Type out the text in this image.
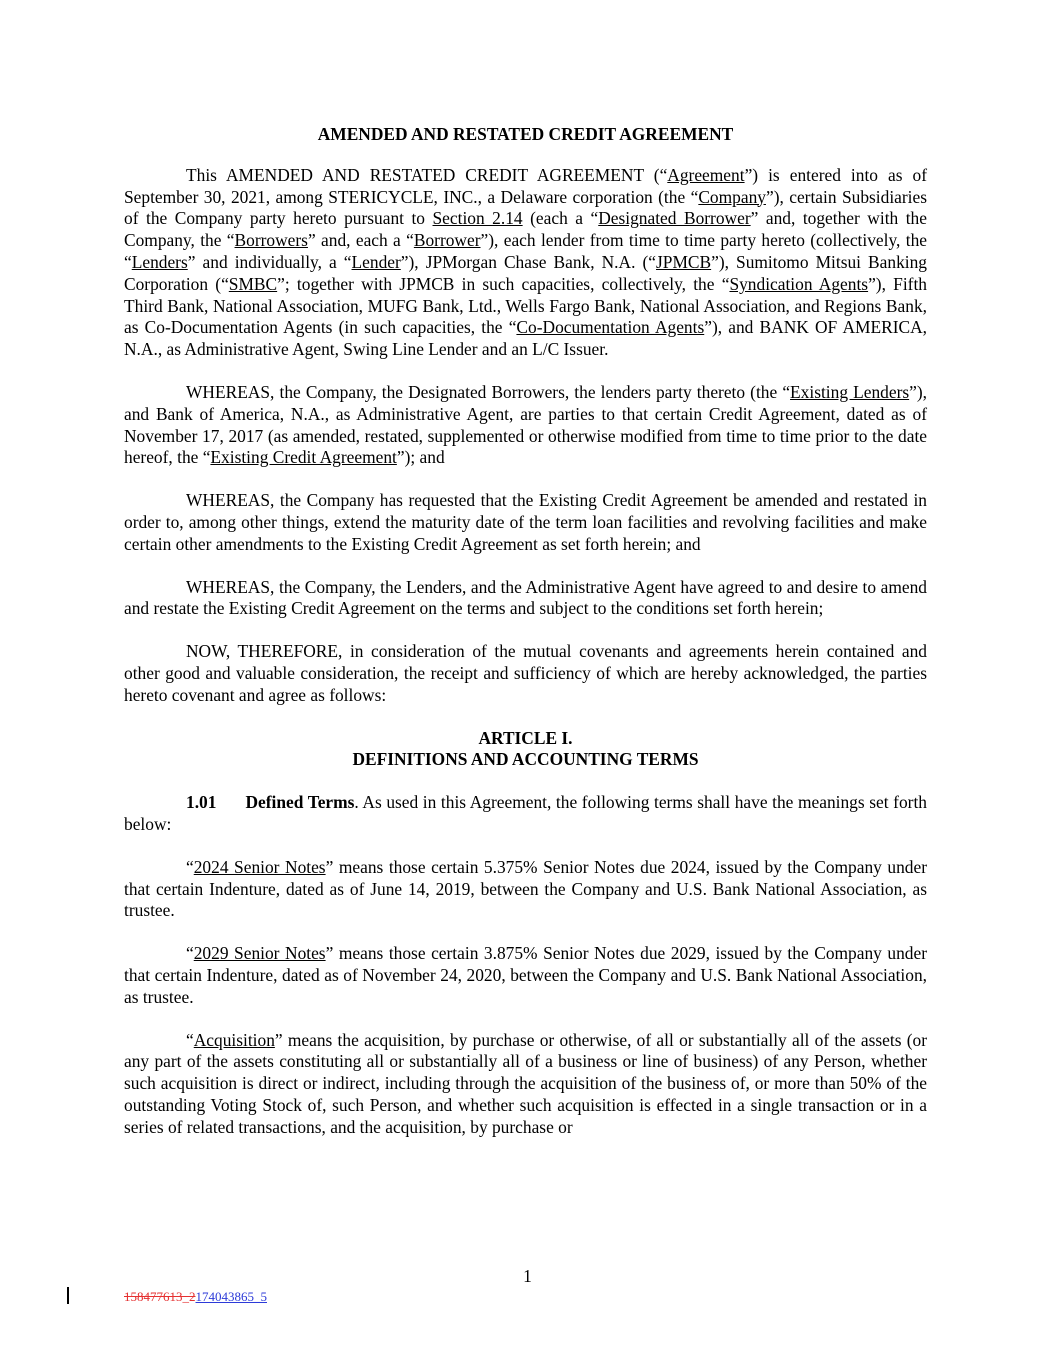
AMENDED AND RESTATED CREDIT AGREEMENT

This AMENDED AND RESTATED CREDIT AGREEMENT (“Agreement”) is entered into as of September 30, 2021, among STERICYCLE, INC., a Delaware corporation (the “Company”), certain Subsidiaries of the Company party hereto pursuant to Section 2.14 (each a “Designated Borrower” and, together with the Company, the “Borrowers” and, each a “Borrower”), each lender from time to time party hereto (collectively, the “Lenders” and individually, a “Lender”), JPMorgan Chase Bank, N.A. (“JPMCB”), Sumitomo Mitsui Banking Corporation (“SMBC”; together with JPMCB in such capacities, collectively, the “Syndication Agents”), Fifth Third Bank, National Association, MUFG Bank, Ltd., Wells Fargo Bank, National Association, and Regions Bank, as Co-Documentation Agents (in such capacities, the “Co-Documentation Agents”), and BANK OF AMERICA, N.A., as Administrative Agent, Swing Line Lender and an L/C Issuer.

WHEREAS, the Company, the Designated Borrowers, the lenders party thereto (the “Existing Lenders”), and Bank of America, N.A., as Administrative Agent, are parties to that certain Credit Agreement, dated as of November 17, 2017 (as amended, restated, supplemented or otherwise modified from time to time prior to the date hereof, the “Existing Credit Agreement”); and

WHEREAS, the Company has requested that the Existing Credit Agreement be amended and restated in order to, among other things, extend the maturity date of the term loan facilities and revolving facilities and make certain other amendments to the Existing Credit Agreement as set forth herein; and

WHEREAS, the Company, the Lenders, and the Administrative Agent have agreed to and desire to amend and restate the Existing Credit Agreement on the terms and subject to the conditions set forth herein;

NOW, THEREFORE, in consideration of the mutual covenants and agreements herein contained and other good and valuable consideration, the receipt and sufficiency of which are hereby acknowledged, the parties hereto covenant and agree as follows:

ARTICLE I.
DEFINITIONS AND ACCOUNTING TERMS

1.01 Defined Terms. As used in this Agreement, the following terms shall have the meanings set forth below:

“2024 Senior Notes” means those certain 5.375% Senior Notes due 2024, issued by the Company under that certain Indenture, dated as of June 14, 2019, between the Company and U.S. Bank National Association, as trustee.

“2029 Senior Notes” means those certain 3.875% Senior Notes due 2029, issued by the Company under that certain Indenture, dated as of November 24, 2020, between the Company and U.S. Bank National Association, as trustee.

“Acquisition” means the acquisition, by purchase or otherwise, of all or substantially all of the assets (or any part of the assets constituting all or substantially all of a business or line of business) of any Person, whether such acquisition is direct or indirect, including through the acquisition of the business of, or more than 50% of the outstanding Voting Stock of, such Person, and whether such acquisition is effected in a single transaction or in a series of related transactions, and the acquisition, by purchase or

1
158477613_2174043865_5
